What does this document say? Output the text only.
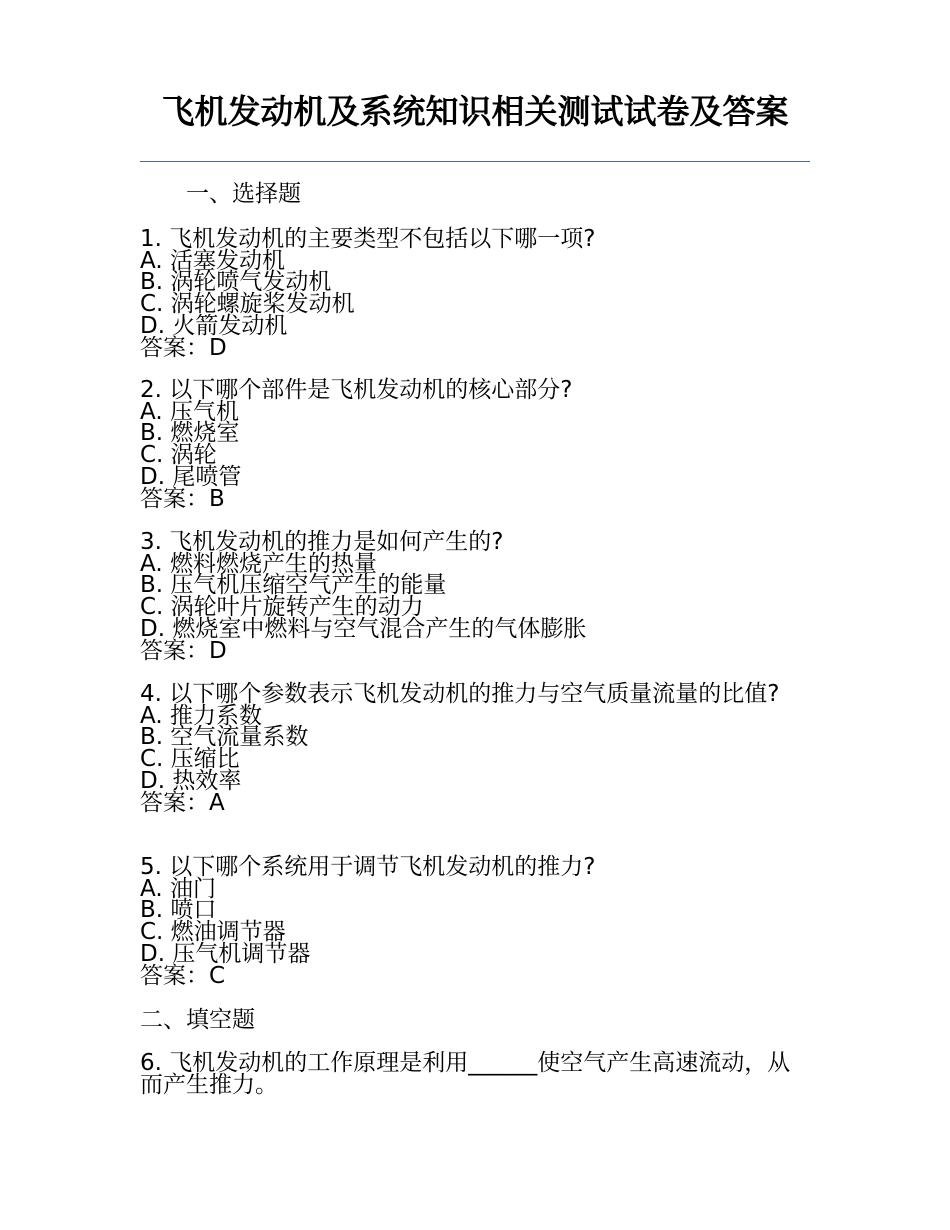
飞机发动机及系统知识相关测试试卷及答案
一、选择题
1. 飞机发动机的主要类型不包括以下哪一项?
A. 活塞发动机
B. 涡轮喷气发动机
C. 涡轮螺旋桨发动机
D. 火箭发动机
答案：D
2. 以下哪个部件是飞机发动机的核心部分?
A. 压气机
B. 燃烧室
C. 涡轮
D. 尾喷管
答案：B
3. 飞机发动机的推力是如何产生的?
A. 燃料燃烧产生的热量
B. 压气机压缩空气产生的能量
C. 涡轮叶片旋转产生的动力
D. 燃烧室中燃料与空气混合产生的气体膨胀
答案：D
4. 以下哪个参数表示飞机发动机的推力与空气质量流量的比值?
A. 推力系数
B. 空气流量系数
C. 压缩比
D. 热效率
答案：A
5. 以下哪个系统用于调节飞机发动机的推力?
A. 油门
B. 喷口
C. 燃油调节器
D. 压气机调节器
答案：C
二、填空题
6. 飞机发动机的工作原理是利用______使空气产生高速流动，从而产生推力。
